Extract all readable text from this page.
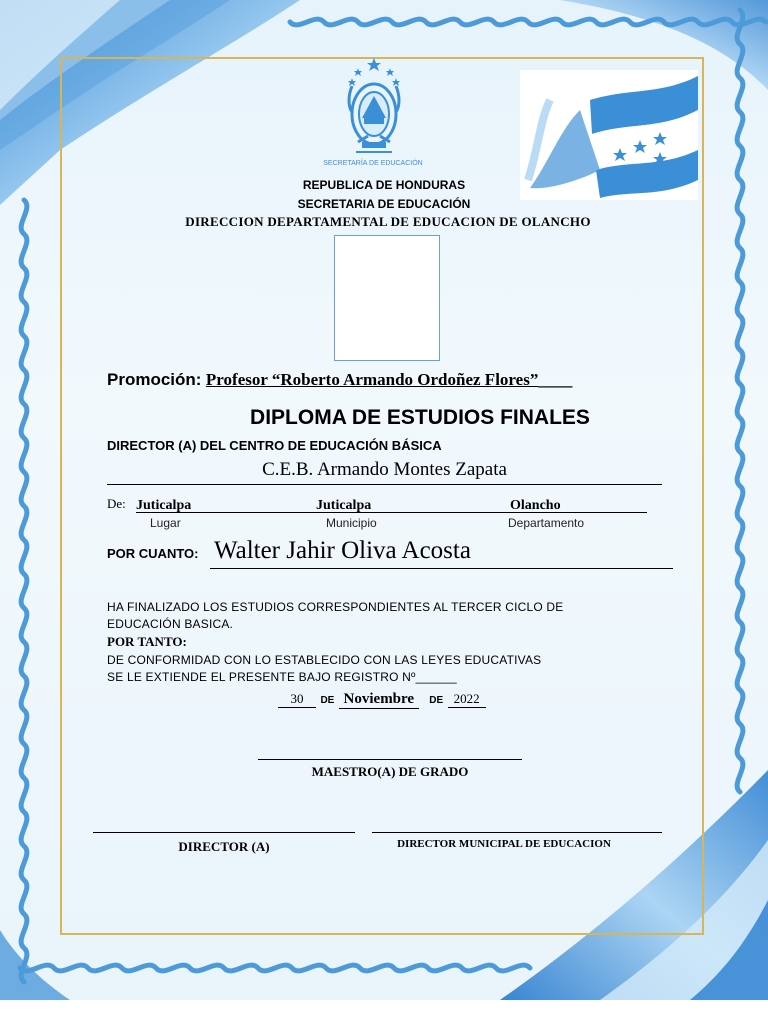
SECRETARÍA DE EDUCACIÓN
REPUBLICA DE HONDURAS
SECRETARIA DE EDUCACIÓN
DIRECCION DEPARTAMENTAL DE EDUCACION DE OLANCHO
Promoción: Profesor “Roberto Armando Ordoñez Flores”____
DIPLOMA DE ESTUDIOS FINALES
DIRECTOR (A) DEL CENTRO DE EDUCACIÓN BÁSICA
C.E.B. Armando Montes Zapata
De: Juticalpa	Juticalpa	Olancho
Lugar	Municipio	Departamento
POR CUANTO: Walter Jahir Oliva Acosta
HA FINALIZADO LOS ESTUDIOS CORRESPONDIENTES AL TERCER CICLO DE
EDUCACIÓN BASICA.
POR TANTO:
DE CONFORMIDAD CON LO ESTABLECIDO CON LAS LEYES EDUCATIVAS
SE LE EXTIENDE EL PRESENTE BAJO REGISTRO Nº______
30 DE Noviembre DE 2022
MAESTRO(A) DE GRADO
DIRECTOR (A)	DIRECTOR MUNICIPAL DE EDUCACION
